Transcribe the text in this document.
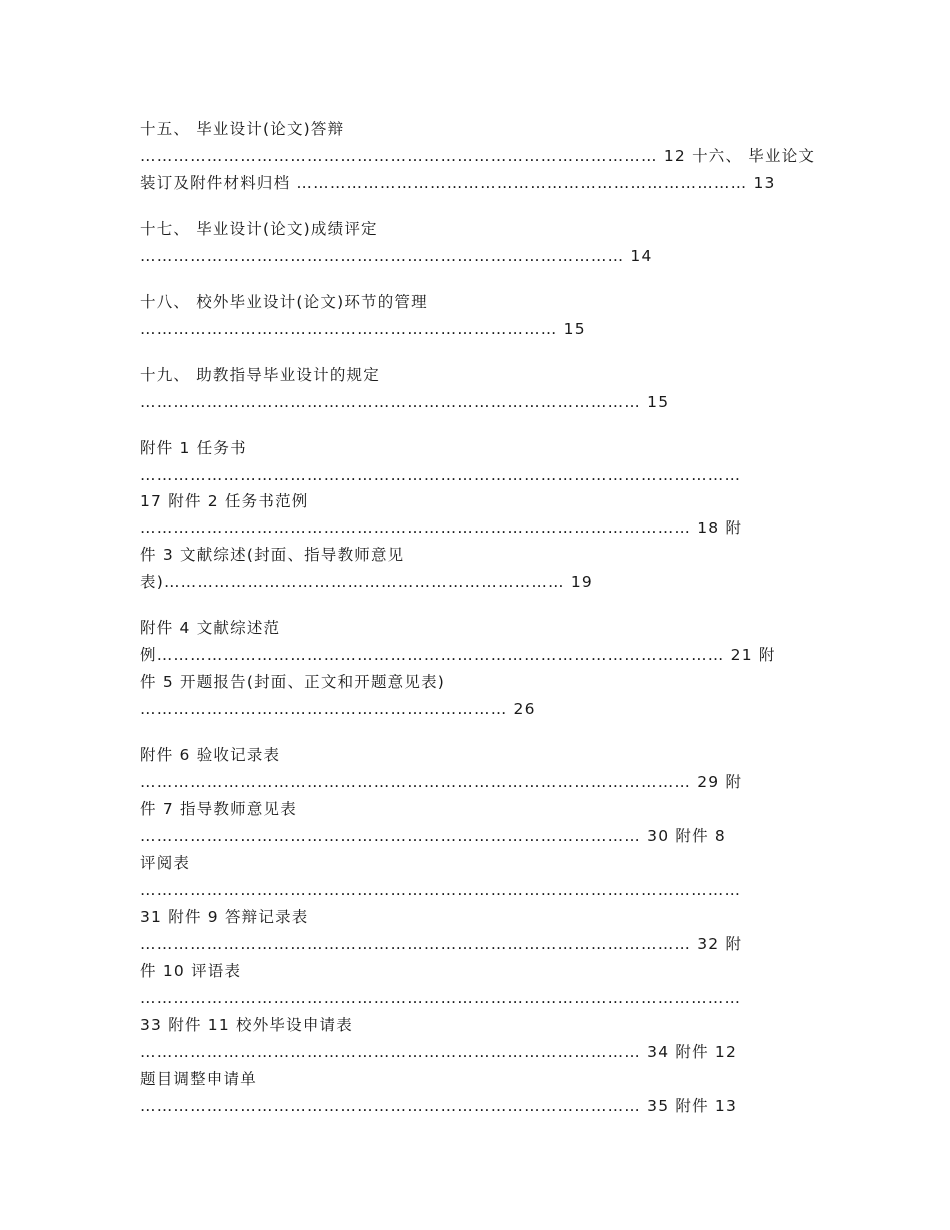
十五、 毕业设计(论文)答辩
………………………………………………………………………………… 12 十六、 毕业论文
装订及附件材料归档 ……………………………………………………………………… 13
十七、 毕业设计(论文)成绩评定
…………………………………………………………………………… 14
十八、 校外毕业设计(论文)环节的管理
………………………………………………………………… 15
十九、 助教指导毕业设计的规定
……………………………………………………………………………… 15
附件 1 任务书
………………………………………………………………………………………………
17 附件 2 任务书范例
……………………………………………………………………………………… 18 附
件 3 文献综述(封面、指导教师意见
表)……………………………………………………………… 19
附件 4 文献综述范
例………………………………………………………………………………………… 21 附
件 5 开题报告(封面、正文和开题意见表)
………………………………………………………… 26
附件 6 验收记录表
……………………………………………………………………………………… 29 附
件 7 指导教师意见表
……………………………………………………………………………… 30 附件 8
评阅表
………………………………………………………………………………………………
31 附件 9 答辩记录表
……………………………………………………………………………………… 32 附
件 10 评语表
………………………………………………………………………………………………
33 附件 11 校外毕设申请表
……………………………………………………………………………… 34 附件 12
题目调整申请单
……………………………………………………………………………… 35 附件 13
